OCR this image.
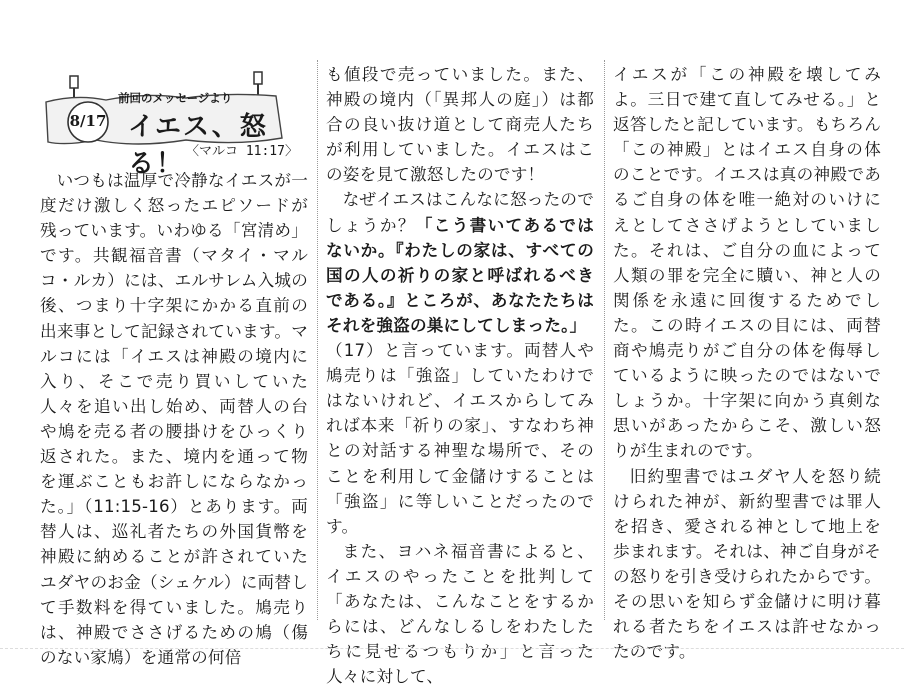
前回のメッセージより
8/17 イエス、怒る！ 〈マルコ 11:17〉

いつもは温厚で冷静なイエスが一度だけ激しく怒ったエピソードが残っています。いわゆる「宮清め」です。共観福音書（マタイ・マルコ・ルカ）には、エルサレム入城の後、つまり十字架にかかる直前の出来事として記録されています。マルコには「イエスは神殿の境内に入り、そこで売り買いしていた人々を追い出し始め、両替人の台や鳩を売る者の腰掛けをひっくり返された。また、境内を通って物を運ぶこともお許しにならなかった。」（11:15-16）とあります。両替人は、巡礼者たちの外国貨幣を神殿に納めることが許されていたユダヤのお金（シェケル）に両替して手数料を得ていました。鳩売りは、神殿でささげるための鳩（傷のない家鳩）を通常の何倍

も値段で売っていました。また、神殿の境内（「異邦人の庭」）は都合の良い抜け道として商売人たちが利用していました。イエスはこの姿を見て激怒したのです！

なぜイエスはこんなに怒ったのでしょうか？「こう書いてあるではないか。『わたしの家は、すべての国の人の祈りの家と呼ばれるべきである。』ところが、あなたたちはそれを強盗の巣にしてしまった。」

（17）と言っています。両替人や鳩売りは「強盗」していたわけではないけれど、イエスからしてみれば本来「祈りの家」、すなわち神との対話する神聖な場所で、そのことを利用して金儲けすることは「強盗」に等しいことだったのです。

また、ヨハネ福音書によると、イエスのやったことを批判して「あなたは、こんなことをするからには、どんなしるしをわたしたちに見せるつもりか」と言った人々に対して、

イエスが「この神殿を壊してみよ。三日で建て直してみせる。」と返答したと記しています。もちろん「この神殿」とはイエス自身の体のことです。イエスは真の神殿であるご自身の体を唯一絶対のいけにえとしてささげようとしていました。それは、ご自分の血によって人類の罪を完全に贖い、神と人の関係を永遠に回復するためでした。この時イエスの目には、両替商や鳩売りがご自分の体を侮辱しているように映ったのではないでしょうか。十字架に向かう真剣な思いがあったからこそ、激しい怒りが生まれのです。

旧約聖書ではユダヤ人を怒り続けられた神が、新約聖書では罪人を招き、愛される神として地上を歩まれます。それは、神ご自身がその怒りを引き受けられたからです。その思いを知らず金儲けに明け暮れる者たちをイエスは許せなかったのです。
